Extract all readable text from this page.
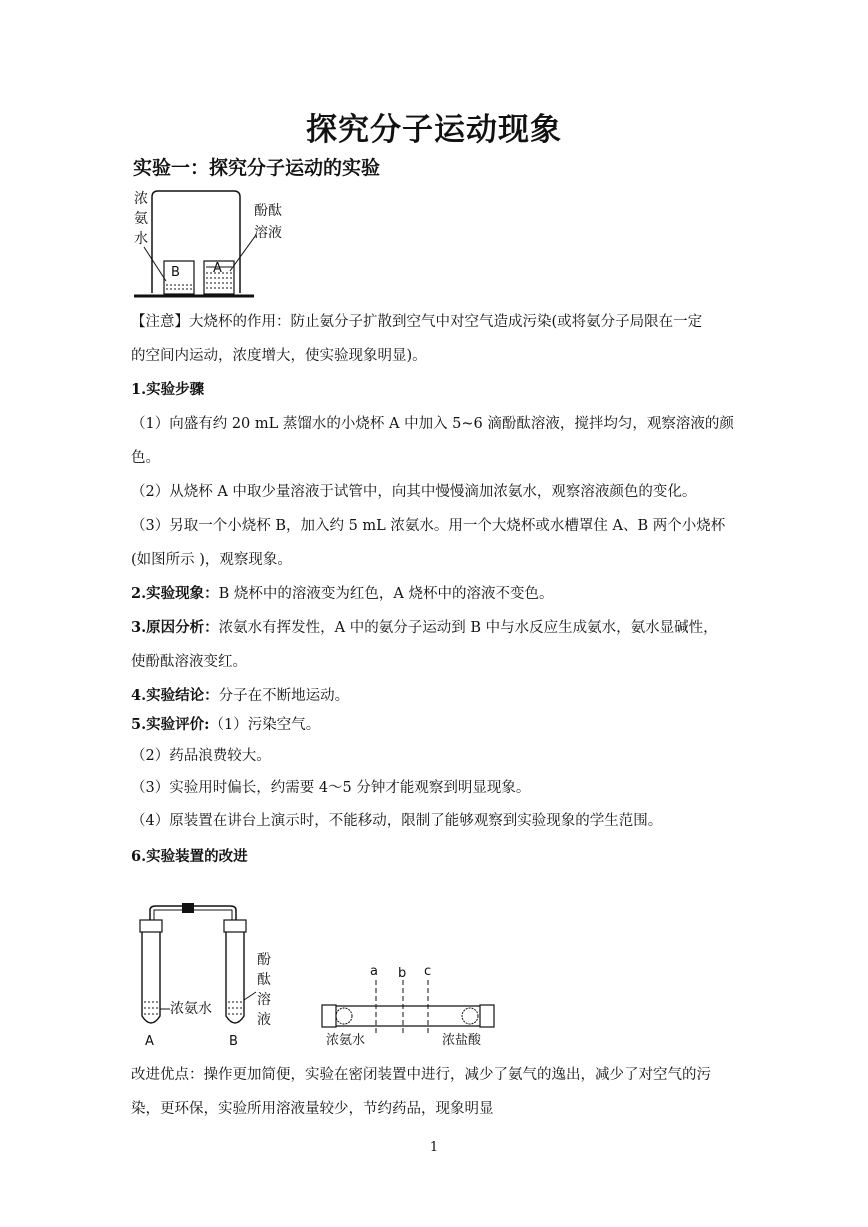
探究分子运动现象
实验一：探究分子运动的实验
浓
氨
水
酚酞
溶液
B	A
【注意】大烧杯的作用：防止氨分子扩散到空气中对空气造成污染(或将氨分子局限在一定
的空间内运动，浓度增大，使实验现象明显)。
1.实验步骤
（1）向盛有约 20 mL 蒸馏水的小烧杯 A 中加入 5~6 滴酚酞溶液，搅拌均匀，观察溶液的颜
色。
（2）从烧杯 A 中取少量溶液于试管中，向其中慢慢滴加浓氨水，观察溶液颜色的变化。
（3）另取一个小烧杯 B，加入约 5 mL 浓氨水。用一个大烧杯或水槽罩住 A、B 两个小烧杯
(如图所示 )，观察现象。
2.实验现象：B 烧杯中的溶液变为红色，A 烧杯中的溶液不变色。
3.原因分析：浓氨水有挥发性，A 中的氨分子运动到 B 中与水反应生成氨水，氨水显碱性，
使酚酞溶液变红。
4.实验结论：分子在不断地运动。
5.实验评价:（1）污染空气。
（2）药品浪费较大。
（3）实验用时偏长，约需要 4～5 分钟才能观察到明显现象。
（4）原装置在讲台上演示时，不能移动，限制了能够观察到实验现象的学生范围。
6.实验装置的改进
浓氨水
酚
酞
溶
液
A	B
a b c
浓氨水	浓盐酸
改进优点：操作更加简便，实验在密闭装置中进行，减少了氨气的逸出，减少了对空气的污
染，更环保，实验所用溶液量较少，节约药品，现象明显
1
